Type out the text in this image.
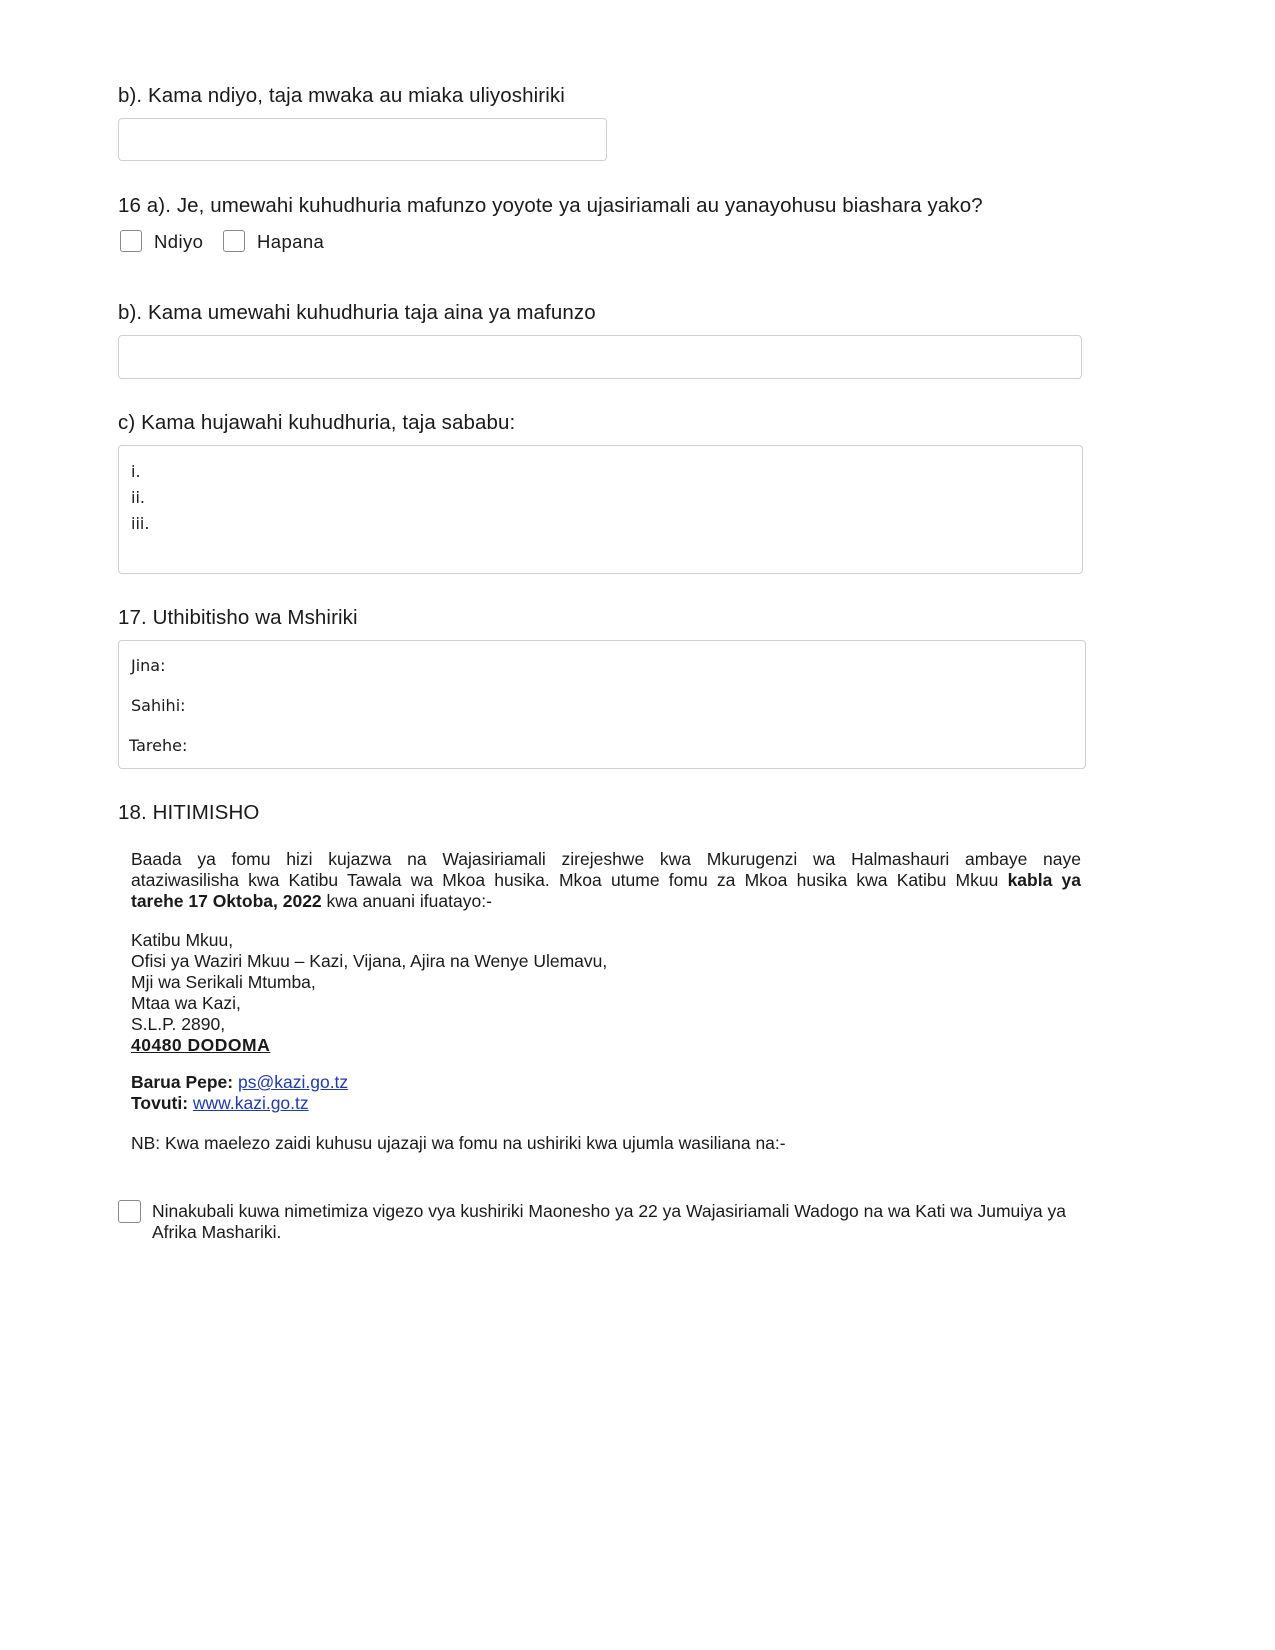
b). Kama ndiyo, taja mwaka au miaka uliyoshiriki
16 a). Je, umewahi kuhudhuria mafunzo yoyote ya ujasiriamali au yanayohusu biashara yako?
Ndiyo	Hapana
b). Kama umewahi kuhudhuria taja aina ya mafunzo
c) Kama hujawahi kuhudhuria, taja sababu:
i.
ii.
iii.
17. Uthibitisho wa Mshiriki
Jina:
Sahihi:
Tarehe:
18. HITIMISHO
Baada ya fomu hizi kujazwa na Wajasiriamali zirejeshwe kwa Mkurugenzi wa Halmashauri ambaye naye
ataziwasilisha kwa Katibu Tawala wa Mkoa husika. Mkoa utume fomu za Mkoa husika kwa Katibu Mkuu kabla ya
tarehe 17 Oktoba, 2022 kwa anuani ifuatayo:-
Katibu Mkuu,
Ofisi ya Waziri Mkuu – Kazi, Vijana, Ajira na Wenye Ulemavu,
Mji wa Serikali Mtumba,
Mtaa wa Kazi,
S.L.P. 2890,
40480 DODOMA
Barua Pepe: ps@kazi.go.tz
Tovuti: www.kazi.go.tz
NB: Kwa maelezo zaidi kuhusu ujazaji wa fomu na ushiriki kwa ujumla wasiliana na:-
Ninakubali kuwa nimetimiza vigezo vya kushiriki Maonesho ya 22 ya Wajasiriamali Wadogo na wa Kati wa Jumuiya ya
Afrika Mashariki.
